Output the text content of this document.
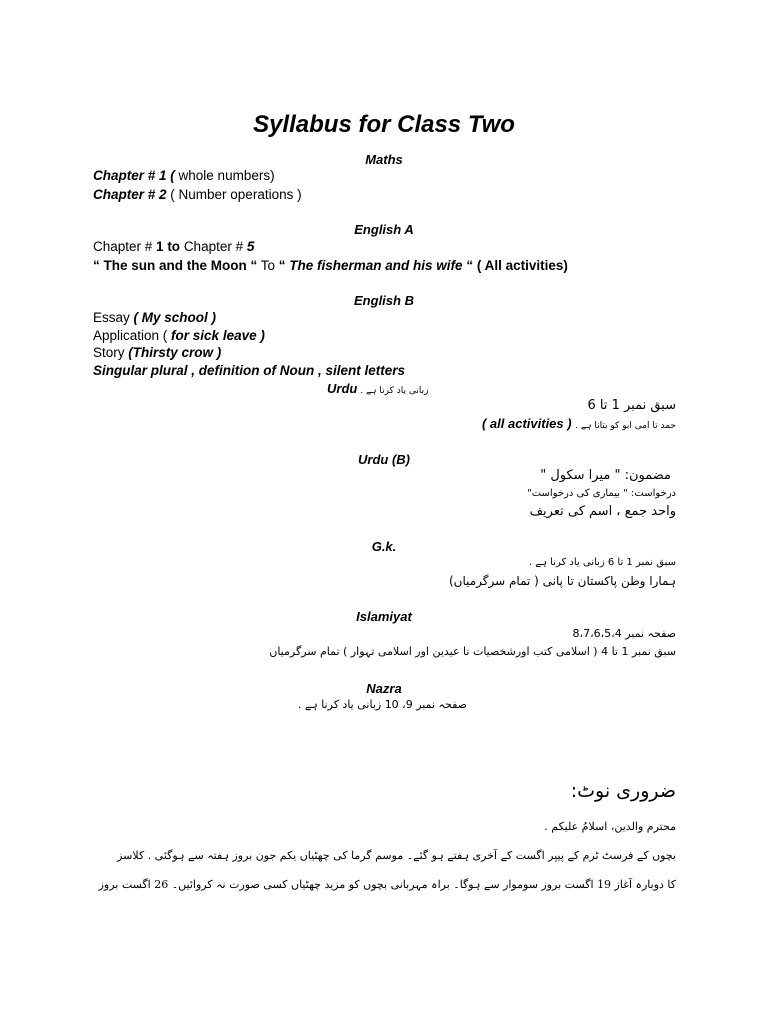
Syllabus for Class Two
Maths
Chapter # 1 ( whole numbers)
Chapter # 2 ( Number operations )
English A
Chapter # 1 to Chapter # 5
“ The sun and the Moon “ To “ The fisherman and his wife “ ( All activities)
English B
Essay ( My school )
Application ( for sick leave )
Story (Thirsty crow )
Singular plural , definition of Noun , silent letters
Urdu . زبانی یاد کرنا ہے
سبق نمبر 1 تا 6
( all activities ) حمد تا امی ابو کو بتانا ہے .
Urdu (B)
مضمون: " میرا سکول "
درخواست: " بیماری کی درخواست"
واحد جمع ، اسم کی تعریف
G.k.
سبق نمبر 1 تا 6 زبانی یاد کرنا ہے .
ہمارا وطن پاکستان تا پانی ( تمام سرگرمیاں)
Islamiyat
صفحہ نمبر 8،7،6،5،4
سبق نمبر 1 تا 4 ( اسلامی کتب اورشخصیات تا عیدین اور اسلامی تہوار ) تمام سرگرمیاں
Nazra
صفحہ نمبر 9، 10 زبانی یاد کرنا ہے .
ضروری نوٹ:
محترم والدین، اسلامُ علیکم .
بچوں کے فرسٹ ٹرم کے پیپر اگست کے آخری ہفتے ہو گئے۔ موسمِ گرما کی چھٹیاں یکم جون بروز ہفتہ سے ہوگئی . کلاسز
کا دوبارہ آغاز 19 اگست بروز سوموار سے ہوگا۔ براہ مہربانی بچوں کو مزید چھٹیاں کسی صورت نہ کروائیں۔ 26 اگست بروز
